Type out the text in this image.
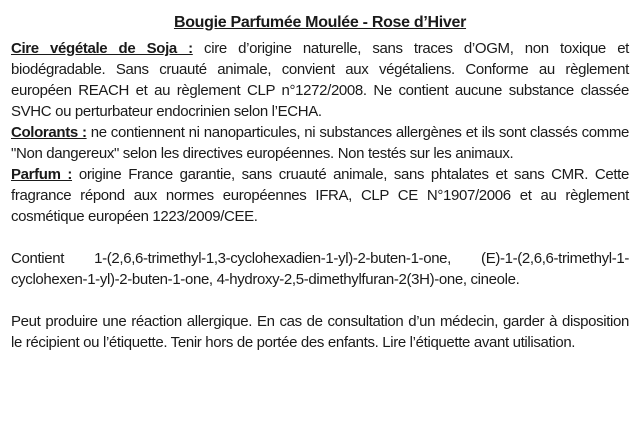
Bougie Parfumée Moulée - Rose d’Hiver

Cire végétale de Soja : cire d’origine naturelle, sans traces d’OGM, non toxique et biodégradable. Sans cruauté animale, convient aux végétaliens. Conforme au règlement européen REACH et au règlement CLP n°1272/2008. Ne contient aucune substance classée SVHC ou perturbateur endocrinien selon l’ECHA.

Colorants : ne contiennent ni nanoparticules, ni substances allergènes et ils sont classés comme "Non dangereux" selon les directives européennes. Non testés sur les animaux.

Parfum : origine France garantie, sans cruauté animale, sans phtalates et sans CMR. Cette fragrance répond aux normes européennes IFRA, CLP CE N°1907/2006 et au règlement cosmétique européen 1223/2009/CEE.

Contient 1-(2,6,6-trimethyl-1,3-cyclohexadien-1-yl)-2-buten-1-one, (E)-1-(2,6,6-trimethyl-1-cyclohexen-1-yl)-2-buten-1-one, 4-hydroxy-2,5-dimethylfuran-2(3H)-one, cineole.

Peut produire une réaction allergique. En cas de consultation d’un médecin, garder à disposition le récipient ou l’étiquette. Tenir hors de portée des enfants. Lire l’étiquette avant utilisation.
